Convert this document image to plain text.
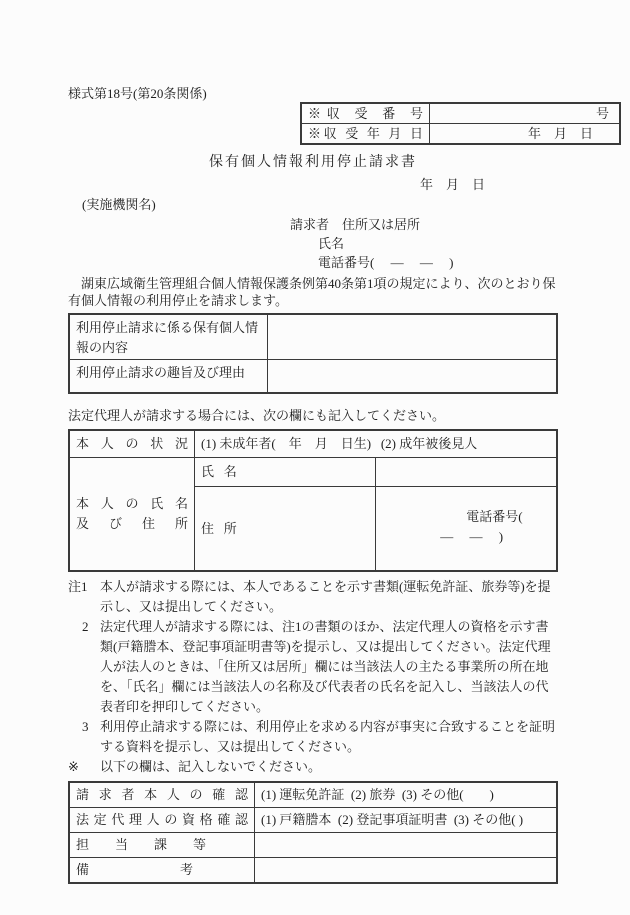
様式第18号(第20条関係)
※収 受 番 号	号
※収 受 年 月 日	年    月    日
保有個人情報利用停止請求書
年    月    日
(実施機関名)
請求者　住所又は居所
氏名
電話番号(     —     —     )

湖東広域衛生管理組合個人情報保護条例第40条第1項の規定により、次のとおり保有個人情報の利用停止を請求します。

利用停止請求に係る保有個人情報の内容	
利用停止請求の趣旨及び理由	
法定代理人が請求する場合には、次の欄にも記入してください。
本 人 の 状 況	(1) 未成年者(    年    月    日生)   (2) 成年被後見人	

本 人 の 氏 名
及 び 住 所	氏   名	
	住   所	電話番号(     —     —     )

注1 本人が請求する際には、本人であることを示す書類(運転免許証、旅券等)を提示し、又は提出してください。
2 法定代理人が請求する際には、注1の書類のほか、法定代理人の資格を示す書類(戸籍謄本、登記事項証明書等)を提示し、又は提出してください。法定代理人が法人のときは、「住所又は居所」欄には当該法人の主たる事業所の所在地を、「氏名」欄には当該法人の名称及び代表者の氏名を記入し、当該法人の代表者印を押印してください。
3 利用停止請求する際には、利用停止を求める内容が事実に合致することを証明する資料を提示し、又は提出してください。
※ 以下の欄は、記入しないでください。
請 求 者 本 人 の 確 認	(1) 運転免許証  (2) 旅券  (3) その他(        )
法定代理人の資格確認	(1) 戸籍謄本  (2) 登記事項証明書  (3) その他( )
担　　当　　課　　等	
備　　　　　　　考	
